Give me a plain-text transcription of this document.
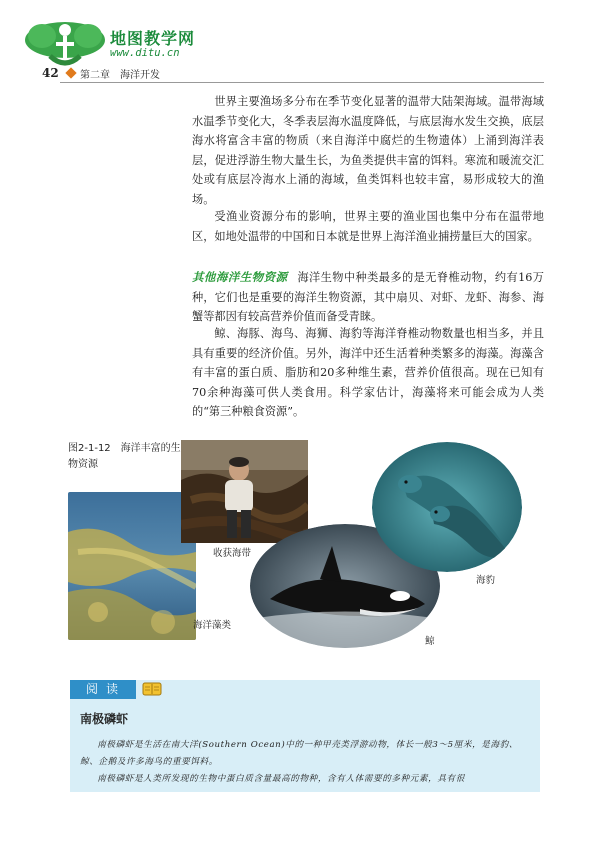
地图教学网
www.ditu.cn
42 第二章　海洋开发

世界主要渔场多分布在季节变化显著的温带大陆架海域。温带海域水温季节变化大，冬季表层海水温度降低，与底层海水发生交换，底层海水将富含丰富的物质（来自海洋中腐烂的生物遗体）上涌到海洋表层，促进浮游生物大量生长，为鱼类提供丰富的饵料。寒流和暖流交汇处或有底层冷海水上涌的海域，鱼类饵料也较丰富，易形成较大的渔场。

受渔业资源分布的影响，世界主要的渔业国也集中分布在温带地区，如地处温带的中国和日本就是世界上海洋渔业捕捞量巨大的国家。

其他海洋生物资源 海洋生物中种类最多的是无脊椎动物，约有16万种，它们也是重要的海洋生物资源，其中扇贝、对虾、龙虾、海参、海蟹等都因有较高营养价值而备受青睐。

鲸、海豚、海鸟、海狮、海豹等海洋脊椎动物数量也相当多，并且具有重要的经济价值。另外，海洋中还生活着种类繁多的海藻。海藻含有丰富的蛋白质、脂肪和20多种维生素，营养价值很高。现在已知有70余种海藻可供人类食用。科学家估计，海藻将来可能会成为人类的“第三种粮食资源”。

图2-1-12　海洋丰富的生物资源
收获海带
海洋藻类
海豹
鲸
阅读
南极磷虾

南极磷虾是生活在南大洋(Southern Ocean)中的一种甲壳类浮游动物，体长一般3～5厘米，是海豹、鲸、企鹅及许多海鸟的重要饵料。

南极磷虾是人类所发现的生物中蛋白质含量最高的物种，含有人体需要的多种元素，具有很
